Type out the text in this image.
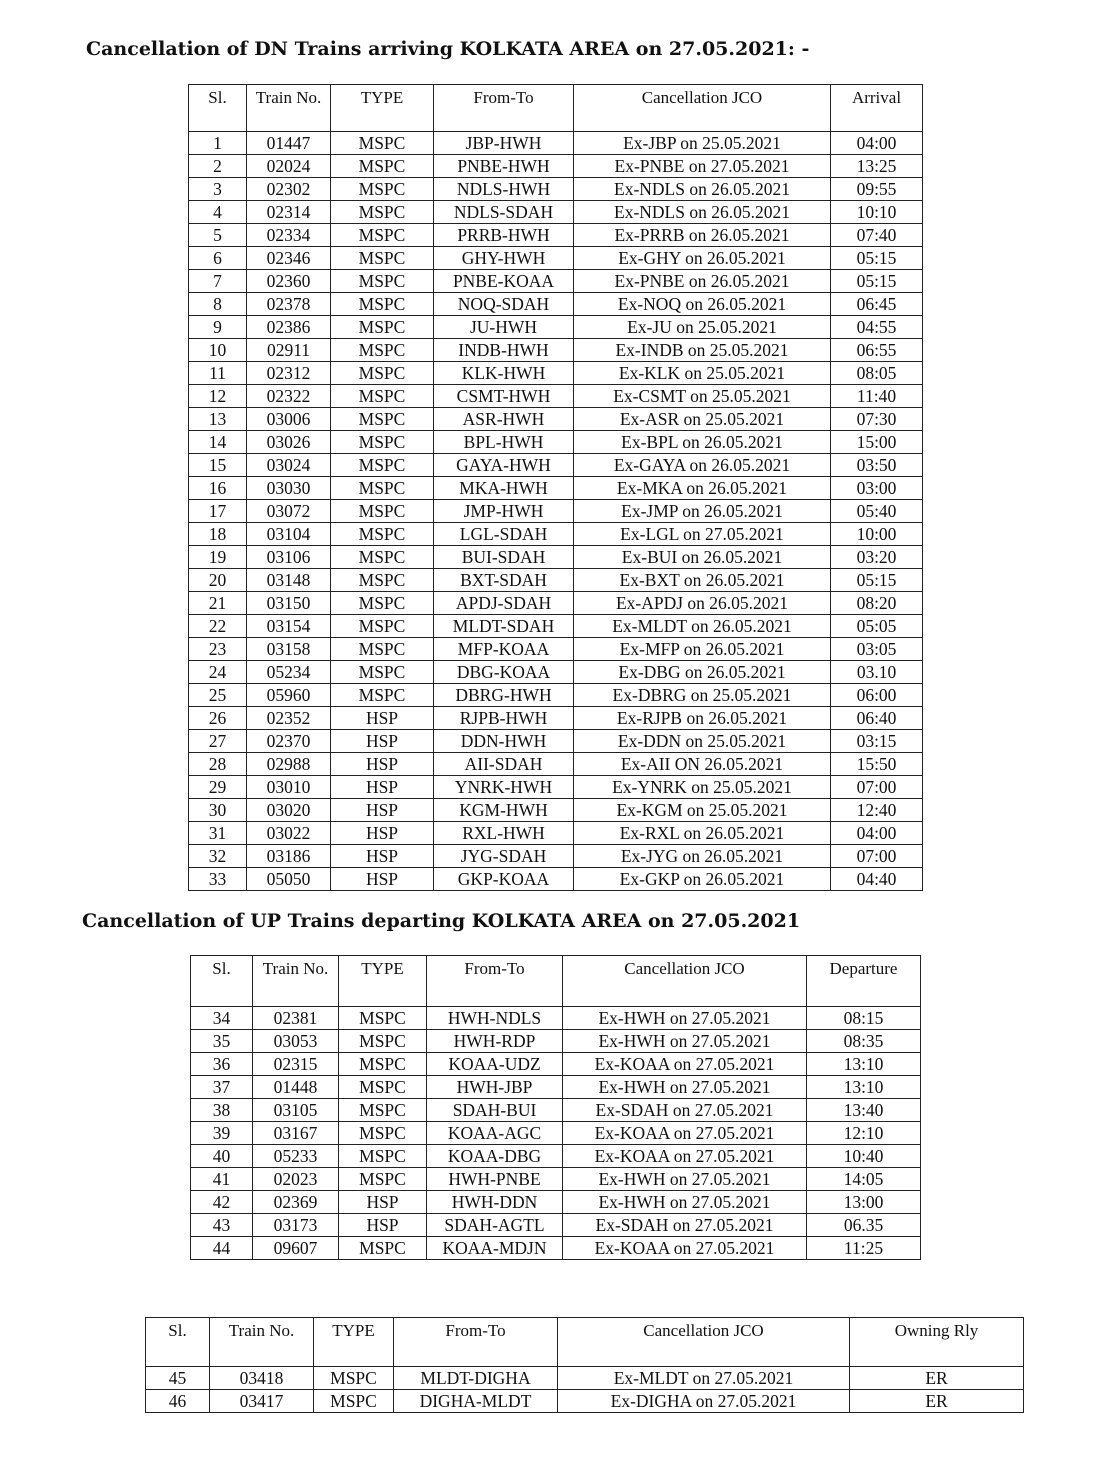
Cancellation of DN Trains arriving KOLKATA AREA on 27.05.2021: -
Sl.	Train No.	TYPE	From-To	Cancellation JCO	Arrival
1	01447	MSPC	JBP-HWH	Ex-JBP on 25.05.2021	04:00
2	02024	MSPC	PNBE-HWH	Ex-PNBE on 27.05.2021	13:25
3	02302	MSPC	NDLS-HWH	Ex-NDLS on 26.05.2021	09:55
4	02314	MSPC	NDLS-SDAH	Ex-NDLS on 26.05.2021	10:10
5	02334	MSPC	PRRB-HWH	Ex-PRRB on 26.05.2021	07:40
6	02346	MSPC	GHY-HWH	Ex-GHY on 26.05.2021	05:15
7	02360	MSPC	PNBE-KOAA	Ex-PNBE on 26.05.2021	05:15
8	02378	MSPC	NOQ-SDAH	Ex-NOQ on 26.05.2021	06:45
9	02386	MSPC	JU-HWH	Ex-JU on 25.05.2021	04:55
10	02911	MSPC	INDB-HWH	Ex-INDB on 25.05.2021	06:55
11	02312	MSPC	KLK-HWH	Ex-KLK on 25.05.2021	08:05
12	02322	MSPC	CSMT-HWH	Ex-CSMT on 25.05.2021	11:40
13	03006	MSPC	ASR-HWH	Ex-ASR on 25.05.2021	07:30
14	03026	MSPC	BPL-HWH	Ex-BPL on 26.05.2021	15:00
15	03024	MSPC	GAYA-HWH	Ex-GAYA on 26.05.2021	03:50
16	03030	MSPC	MKA-HWH	Ex-MKA on 26.05.2021	03:00
17	03072	MSPC	JMP-HWH	Ex-JMP on 26.05.2021	05:40
18	03104	MSPC	LGL-SDAH	Ex-LGL on 27.05.2021	10:00
19	03106	MSPC	BUI-SDAH	Ex-BUI on 26.05.2021	03:20
20	03148	MSPC	BXT-SDAH	Ex-BXT on 26.05.2021	05:15
21	03150	MSPC	APDJ-SDAH	Ex-APDJ on 26.05.2021	08:20
22	03154	MSPC	MLDT-SDAH	Ex-MLDT on 26.05.2021	05:05
23	03158	MSPC	MFP-KOAA	Ex-MFP on 26.05.2021	03:05
24	05234	MSPC	DBG-KOAA	Ex-DBG on 26.05.2021	03.10
25	05960	MSPC	DBRG-HWH	Ex-DBRG on 25.05.2021	06:00
26	02352	HSP	RJPB-HWH	Ex-RJPB on 26.05.2021	06:40
27	02370	HSP	DDN-HWH	Ex-DDN on 25.05.2021	03:15
28	02988	HSP	AII-SDAH	Ex-AII ON 26.05.2021	15:50
29	03010	HSP	YNRK-HWH	Ex-YNRK on 25.05.2021	07:00
30	03020	HSP	KGM-HWH	Ex-KGM on 25.05.2021	12:40
31	03022	HSP	RXL-HWH	Ex-RXL on 26.05.2021	04:00
32	03186	HSP	JYG-SDAH	Ex-JYG on 26.05.2021	07:00
33	05050	HSP	GKP-KOAA	Ex-GKP on 26.05.2021	04:40
Cancellation of UP Trains departing KOLKATA AREA on 27.05.2021
Sl.	Train No.	TYPE	From-To	Cancellation JCO	Departure
34	02381	MSPC	HWH-NDLS	Ex-HWH on 27.05.2021	08:15
35	03053	MSPC	HWH-RDP	Ex-HWH on 27.05.2021	08:35
36	02315	MSPC	KOAA-UDZ	Ex-KOAA on 27.05.2021	13:10
37	01448	MSPC	HWH-JBP	Ex-HWH on 27.05.2021	13:10
38	03105	MSPC	SDAH-BUI	Ex-SDAH on 27.05.2021	13:40
39	03167	MSPC	KOAA-AGC	Ex-KOAA on 27.05.2021	12:10
40	05233	MSPC	KOAA-DBG	Ex-KOAA on 27.05.2021	10:40
41	02023	MSPC	HWH-PNBE	Ex-HWH on 27.05.2021	14:05
42	02369	HSP	HWH-DDN	Ex-HWH on 27.05.2021	13:00
43	03173	HSP	SDAH-AGTL	Ex-SDAH on 27.05.2021	06.35
44	09607	MSPC	KOAA-MDJN	Ex-KOAA on 27.05.2021	11:25
Sl.	Train No.	TYPE	From-To	Cancellation JCO	Owning Rly
45	03418	MSPC	MLDT-DIGHA	Ex-MLDT on 27.05.2021	ER
46	03417	MSPC	DIGHA-MLDT	Ex-DIGHA on 27.05.2021	ER
